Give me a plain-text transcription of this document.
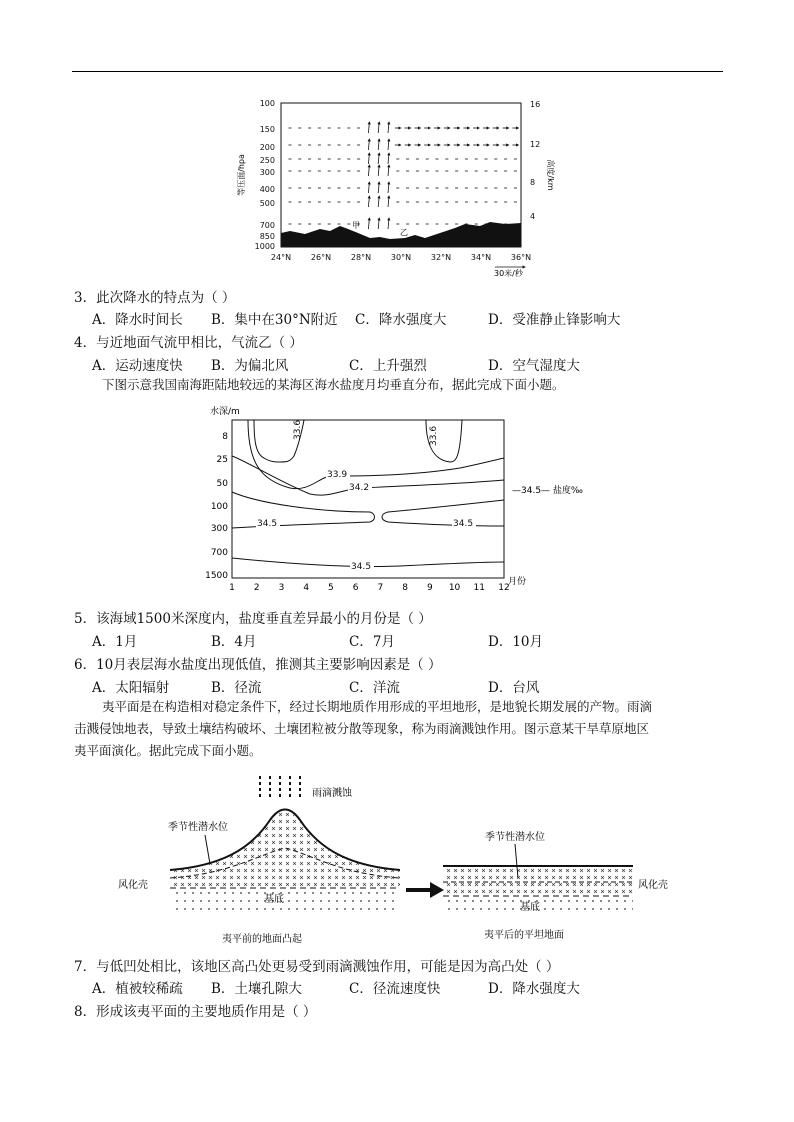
100
150
200
250
300
400
500
700
850
1000
16
12
8
4
等压面/hpa	高度/km
24°N 26°N 28°N 30°N 32°N 34°N 36°N
甲
乙
30米/秒
3．此次降水的特点为（ ）
A．降水时间长 B．集中在30°N附近 C．降水强度大	D．受准静止锋影响大
4．与近地面气流甲相比，气流乙（ ）
A．运动速度快 B．为偏北风	C．上升强烈	D．空气湿度大
下图示意我国南海距陆地较远的某海区海水盐度月均垂直分布，据此完成下面小题。
水深/m
8
25
50
100
300
700
1500
1 2 3 4 5 6 7 8 9 10 11 12
月份
—34.5— 盐度‰
33.6	33.6
33.9
34.2
34.5	34.5
34.5
5．该海域1500米深度内，盐度垂直差异最小的月份是（ ）
A．1月	B．4月	C．7月	D．10月
6．10月表层海水盐度出现低值，推测其主要影响因素是（ ）
A．太阳辐射	B．径流	C．洋流	D．台风
夷平面是在构造相对稳定条件下，经过长期地质作用形成的平坦地形，是地貌长期发展的产物。雨滴
击溅侵蚀地表，导致土壤结构破坏、土壤团粒被分散等现象，称为雨滴溅蚀作用。图示意某干旱草原地区
夷平面演化。据此完成下面小题。
雨滴溅蚀
季节性潜水位
风化壳
基底
夷平前的地面凸起
季节性潜水位
风化壳
基底
夷平后的平坦地面
7．与低凹处相比，该地区高凸处更易受到雨滴溅蚀作用，可能是因为高凸处（ ）
A．植被较稀疏 B．土壤孔隙大	C．径流速度快	D．降水强度大
8．形成该夷平面的主要地质作用是（ ）
